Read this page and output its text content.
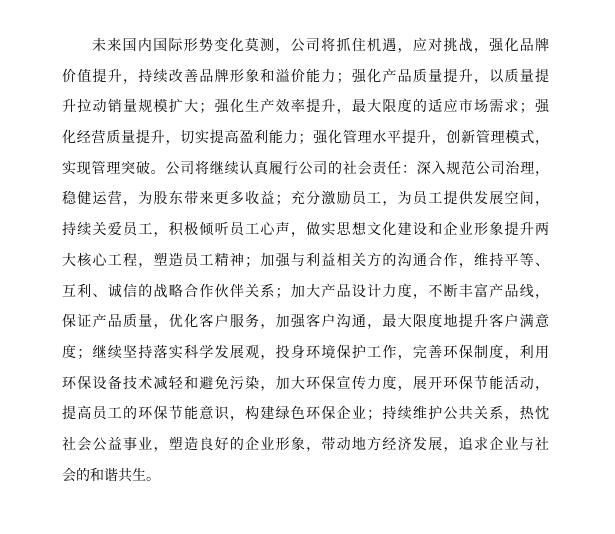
未来国内国际形势变化莫测，公司将抓住机遇，应对挑战，强化品牌
价值提升，持续改善品牌形象和溢价能力；强化产品质量提升，以质量提
升拉动销量规模扩大；强化生产效率提升，最大限度的适应市场需求；强
化经营质量提升，切实提高盈利能力；强化管理水平提升，创新管理模式，
实现管理突破。公司将继续认真履行公司的社会责任：深入规范公司治理，
稳健运营，为股东带来更多收益；充分激励员工，为员工提供发展空间，
持续关爱员工，积极倾听员工心声，做实思想文化建设和企业形象提升两
大核心工程，塑造员工精神；加强与利益相关方的沟通合作，维持平等、
互利、诚信的战略合作伙伴关系；加大产品设计力度，不断丰富产品线，
保证产品质量，优化客户服务，加强客户沟通，最大限度地提升客户满意
度；继续坚持落实科学发展观，投身环境保护工作，完善环保制度，利用
环保设备技术减轻和避免污染，加大环保宣传力度，展开环保节能活动，
提高员工的环保节能意识，构建绿色环保企业；持续维护公共关系，热忱
社会公益事业，塑造良好的企业形象，带动地方经济发展，追求企业与社
会的和谐共生。
